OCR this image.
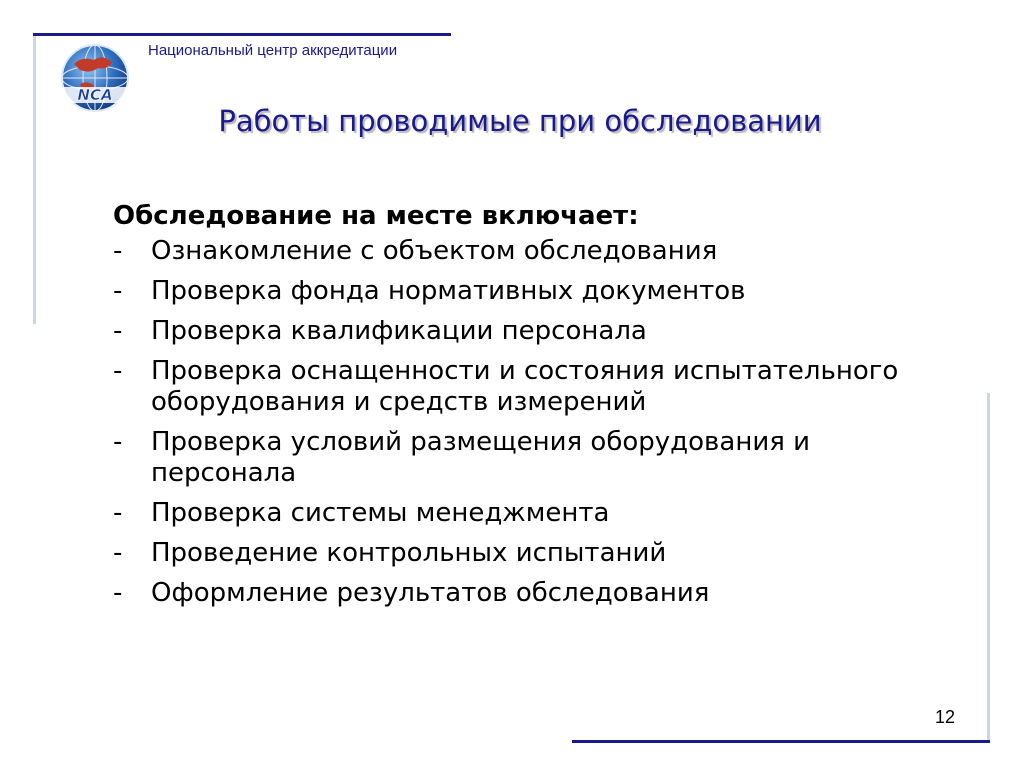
NCA
Национальный центр аккредитации
Работы проводимые при обследовании

Обследование на месте включает:

- Ознакомление с объектом обследования
- Проверка фонда нормативных документов
- Проверка квалификации персонала
- Проверка оснащенности и состояния испытательного оборудования и средств измерений
- Проверка условий размещения оборудования и персонала
- Проверка системы менеджмента
- Проведение контрольных испытаний
- Оформление результатов обследования
12
